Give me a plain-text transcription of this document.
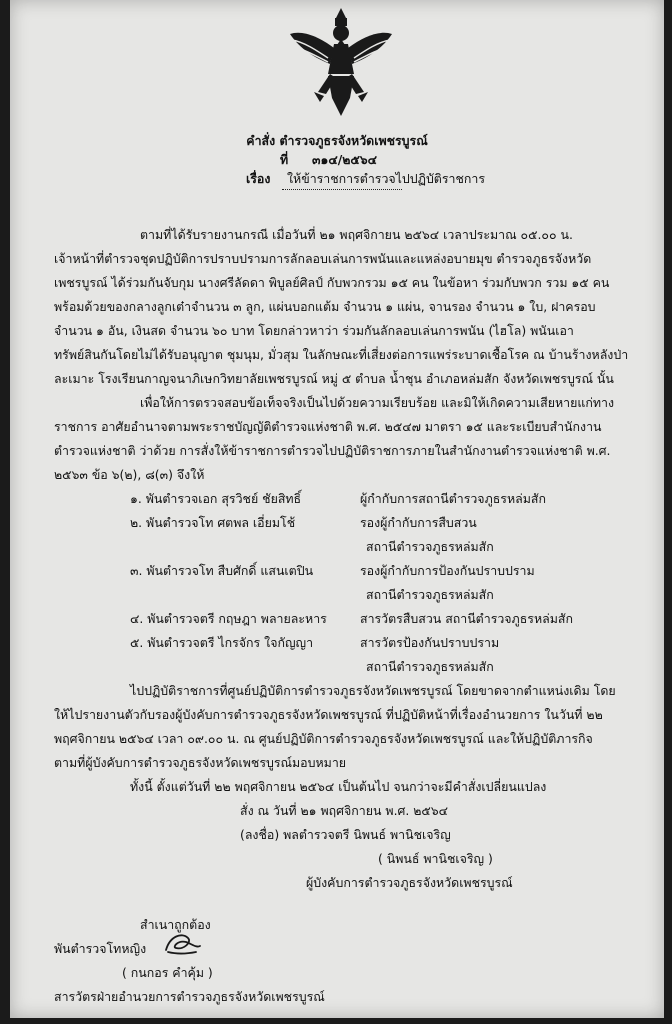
คำสั่ง ตำรวจภูธรจังหวัดเพชรบูรณ์
ที่ ๓๑๔/๒๕๖๔
เรื่อง ให้ข้าราชการตำรวจไปปฏิบัติราชการ
ตามที่ได้รับรายงานกรณี เมื่อวันที่ ๒๑ พฤศจิกายน ๒๕๖๔ เวลาประมาณ ๐๕.๐๐ น.
เจ้าหน้าที่ตำรวจชุดปฏิบัติการปราบปรามการลักลอบเล่นการพนันและแหล่งอบายมุข ตำรวจภูธรจังหวัด
เพชรบูรณ์ ได้ร่วมกันจับกุม นางศรีลัดดา พิบูลย์ศิลป์ กับพวกรวม ๑๕ คน ในข้อหา ร่วมกับพวก รวม ๑๕ คน
พร้อมด้วยของกลางลูกเต๋าจำนวน ๓ ลูก, แผ่นบอกแต้ม จำนวน ๑ แผ่น, จานรอง จำนวน ๑ ใบ, ฝาครอบ
จำนวน ๑ อัน, เงินสด จำนวน ๖๐ บาท โดยกล่าวหาว่า ร่วมกันลักลอบเล่นการพนัน (ไฮโล) พนันเอา
ทรัพย์สินกันโดยไม่ได้รับอนุญาต ชุมนุม, มั่วสุม ในลักษณะที่เสี่ยงต่อการแพร่ระบาดเชื้อโรค ณ บ้านร้างหลังป่า
ละเมาะ โรงเรียนกาญจนาภิเษกวิทยาลัยเพชรบูรณ์ หมู่ ๕ ตำบล น้ำชุน อำเภอหล่มสัก จังหวัดเพชรบูรณ์ นั้น
เพื่อให้การตรวจสอบข้อเท็จจริงเป็นไปด้วยความเรียบร้อย และมิให้เกิดความเสียหายแก่ทาง
ราชการ อาศัยอำนาจตามพระราชบัญญัติตำรวจแห่งชาติ พ.ศ. ๒๕๔๗ มาตรา ๑๕ และระเบียบสำนักงาน
ตำรวจแห่งชาติ ว่าด้วย การสั่งให้ข้าราชการตำรวจไปปฏิบัติราชการภายในสำนักงานตำรวจแห่งชาติ พ.ศ.
๒๕๖๓ ข้อ ๖(๒), ๘(๓) จึงให้
๑. พันตำรวจเอก สุรวิชย์ ชัยสิทธิ์	ผู้กำกับการสถานีตำรวจภูธรหล่มสัก
๒. พันตำรวจโท ศตพล เอี่ยมโช้	รองผู้กำกับการสืบสวน
สถานีตำรวจภูธรหล่มสัก
๓. พันตำรวจโท สืบศักดิ์ แสนเตปิน	รองผู้กำกับการป้องกันปราบปราม
สถานีตำรวจภูธรหล่มสัก
๔. พันตำรวจตรี กฤษฎา พลายละหาร	สารวัตรสืบสวน สถานีตำรวจภูธรหล่มสัก
๕. พันตำรวจตรี ไกรจักร ใจกัญญา	สารวัตรป้องกันปราบปราม
สถานีตำรวจภูธรหล่มสัก
ไปปฏิบัติราชการที่ศูนย์ปฏิบัติการตำรวจภูธรจังหวัดเพชรบูรณ์ โดยขาดจากตำแหน่งเดิม โดย
ให้ไปรายงานตัวกับรองผู้บังคับการตำรวจภูธรจังหวัดเพชรบูรณ์ ที่ปฏิบัติหน้าที่เรื่องอำนวยการ ในวันที่ ๒๒
พฤศจิกายน ๒๕๖๔ เวลา ๐๙.๐๐ น. ณ ศูนย์ปฏิบัติการตำรวจภูธรจังหวัดเพชรบูรณ์ และให้ปฏิบัติภารกิจ
ตามที่ผู้บังคับการตำรวจภูธรจังหวัดเพชรบูรณ์มอบหมาย
ทั้งนี้ ตั้งแต่วันที่ ๒๒ พฤศจิกายน ๒๕๖๔ เป็นต้นไป จนกว่าจะมีคำสั่งเปลี่ยนแปลง
สั่ง ณ วันที่ ๒๑ พฤศจิกายน พ.ศ. ๒๕๖๔
(ลงชื่อ) พลตำรวจตรี นิพนธ์ พานิชเจริญ
( นิพนธ์ พานิชเจริญ )
ผู้บังคับการตำรวจภูธรจังหวัดเพชรบูรณ์
สำเนาถูกต้อง
พันตำรวจโทหญิง
( กนกอร คำคุ้ม )
สารวัตรฝ่ายอำนวยการตำรวจภูธรจังหวัดเพชรบูรณ์
